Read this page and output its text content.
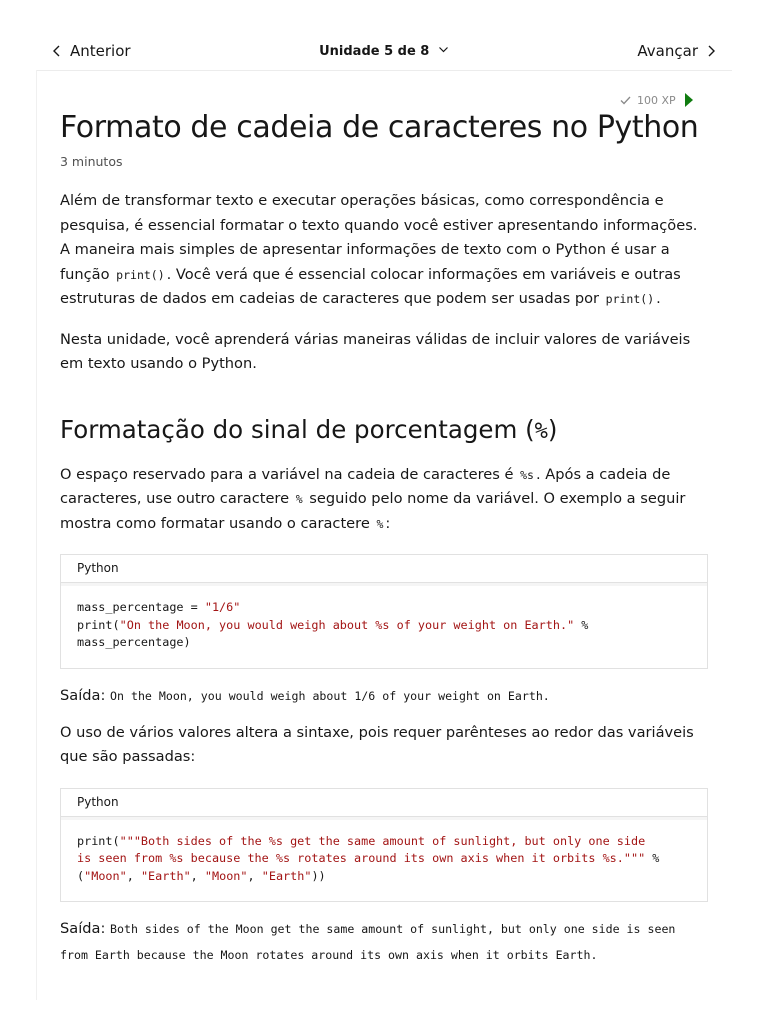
Anterior	Unidade 5 de 8	Avançar
100 XP
Formato de cadeia de caracteres no Python
3 minutos

Além de transformar texto e executar operações básicas, como correspondência e pesquisa, é essencial formatar o texto quando você estiver apresentando informações. A maneira mais simples de apresentar informações de texto com o Python é usar a função print() . Você verá que é essencial colocar informações em variáveis e outras estruturas de dados em cadeias de caracteres que podem ser usadas por print() .

Nesta unidade, você aprenderá várias maneiras válidas de incluir valores de variáveis em texto usando o Python.

Formatação do sinal de porcentagem (%)

O espaço reservado para a variável na cadeia de caracteres é %s . Após a cadeia de caracteres, use outro caractere % seguido pelo nome da variável. O exemplo a seguir mostra como formatar usando o caractere % :

Python
mass_percentage = "1/6"
print("On the Moon, you would weigh about %s of your weight on Earth." %
mass_percentage)
Saída: On the Moon, you would weigh about 1/6 of your weight on Earth.

O uso de vários valores altera a sintaxe, pois requer parênteses ao redor das variáveis que são passadas:

Python
print("""Both sides of the %s get the same amount of sunlight, but only one side
is seen from %s because the %s rotates around its own axis when it orbits %s.""" %
("Moon", "Earth", "Moon", "Earth"))
Saída: Both sides of the Moon get the same amount of sunlight, but only one side is seen from Earth because the Moon rotates around its own axis when it orbits Earth.
